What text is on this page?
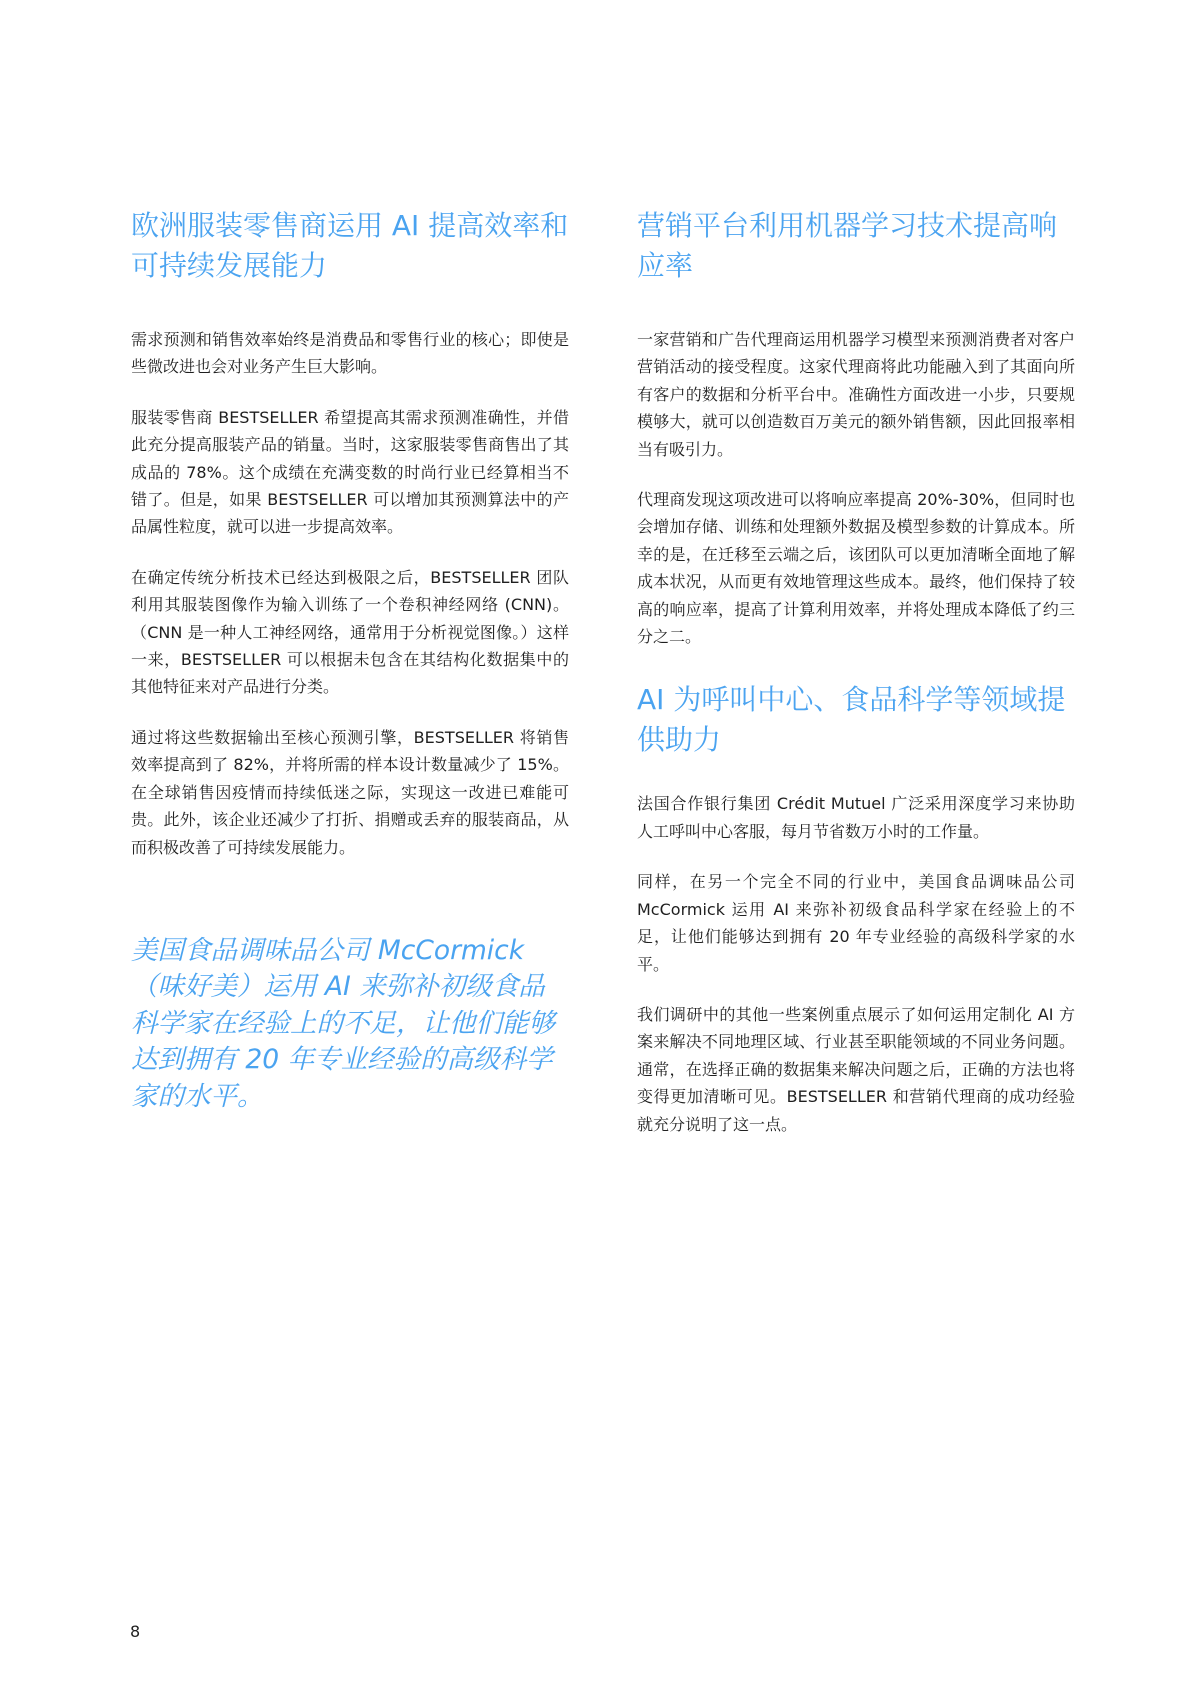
欧洲服装零售商运用 AI 提高效率和可持续发展能力

需求预测和销售效率始终是消费品和零售行业的核心；即使是些微改进也会对业务产生巨大影响。

服装零售商 BESTSELLER 希望提高其需求预测准确性，并借此充分提高服装产品的销量。当时，这家服装零售商售出了其成品的 78%。这个成绩在充满变数的时尚行业已经算相当不错了。但是，如果 BESTSELLER 可以增加其预测算法中的产品属性粒度，就可以进一步提高效率。

在确定传统分析技术已经达到极限之后，BESTSELLER 团队利用其服装图像作为输入训练了一个卷积神经网络 (CNN)。（CNN 是一种人工神经网络，通常用于分析视觉图像。）这样一来，BESTSELLER 可以根据未包含在其结构化数据集中的其他特征来对产品进行分类。

通过将这些数据输出至核心预测引擎，BESTSELLER 将销售效率提高到了 82%，并将所需的样本设计数量减少了 15%。在全球销售因疫情而持续低迷之际，实现这一改进已难能可贵。此外，该企业还减少了打折、捐赠或丢弃的服装商品，从而积极改善了可持续发展能力。

美国食品调味品公司 McCormick（味好美）运用 AI 来弥补初级食品科学家在经验上的不足，让他们能够达到拥有 20 年专业经验的高级科学家的水平。

营销平台利用机器学习技术提高响应率

一家营销和广告代理商运用机器学习模型来预测消费者对客户营销活动的接受程度。这家代理商将此功能融入到了其面向所有客户的数据和分析平台中。准确性方面改进一小步，只要规模够大，就可以创造数百万美元的额外销售额，因此回报率相当有吸引力。

代理商发现这项改进可以将响应率提高 20%-30%，但同时也会增加存储、训练和处理额外数据及模型参数的计算成本。所幸的是，在迁移至云端之后，该团队可以更加清晰全面地了解成本状况，从而更有效地管理这些成本。最终，他们保持了较高的响应率，提高了计算利用效率，并将处理成本降低了约三分之二。

AI 为呼叫中心、食品科学等领域提供助力

法国合作银行集团 Crédit Mutuel 广泛采用深度学习来协助人工呼叫中心客服，每月节省数万小时的工作量。

同样，在另一个完全不同的行业中，美国食品调味品公司 McCormick 运用 AI 来弥补初级食品科学家在经验上的不足，让他们能够达到拥有 20 年专业经验的高级科学家的水平。

我们调研中的其他一些案例重点展示了如何运用定制化 AI 方案来解决不同地理区域、行业甚至职能领域的不同业务问题。通常，在选择正确的数据集来解决问题之后，正确的方法也将变得更加清晰可见。BESTSELLER 和营销代理商的成功经验就充分说明了这一点。

8
